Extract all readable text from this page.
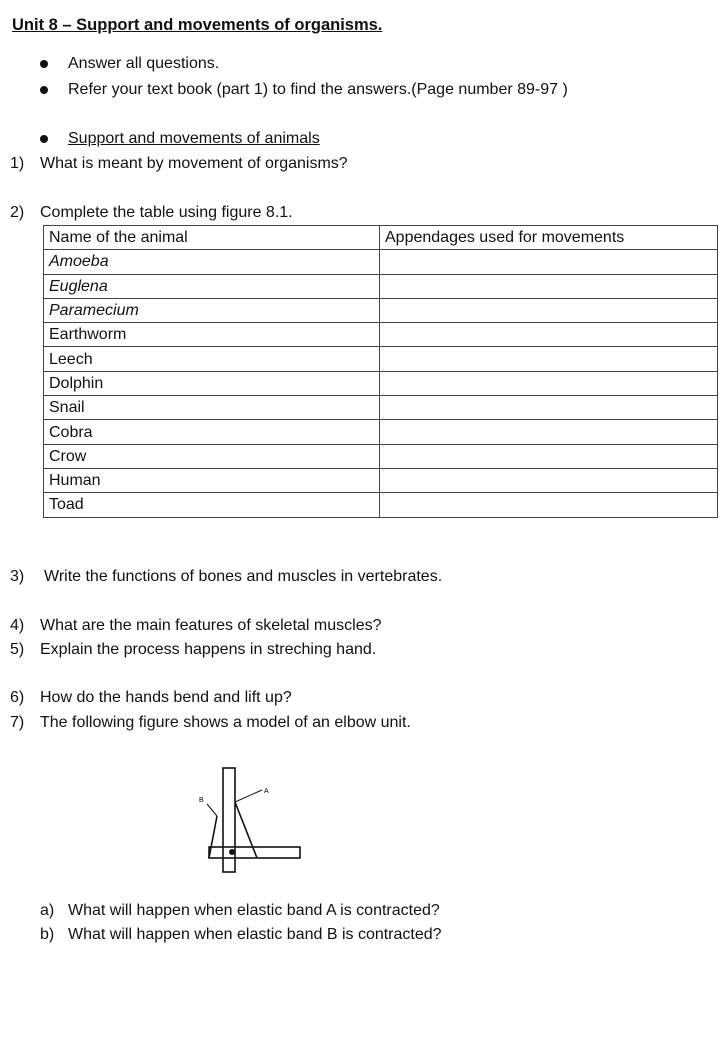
Unit 8 – Support and movements of organisms.
Answer all questions.
Refer your text book (part 1) to find the answers.(Page number 89-97 )
Support and movements of animals
1) What is meant by movement of organisms?
2) Complete the table using figure 8.1.
Name of the animal	Appendages used for movements
Amoeba	
Euglena	
Paramecium	
Earthworm	
Leech	
Dolphin	
Snail	
Cobra	
Crow	
Human	
Toad	
3) Write the functions of bones and muscles in vertebrates.
4) What are the main features of skeletal muscles?
5) Explain the process happens in streching hand.
6) How do the hands bend and lift up?
7) The following figure shows a model of an elbow unit.
A
B
a) What will happen when elastic band A is contracted?
b) What will happen when elastic band B is contracted?
